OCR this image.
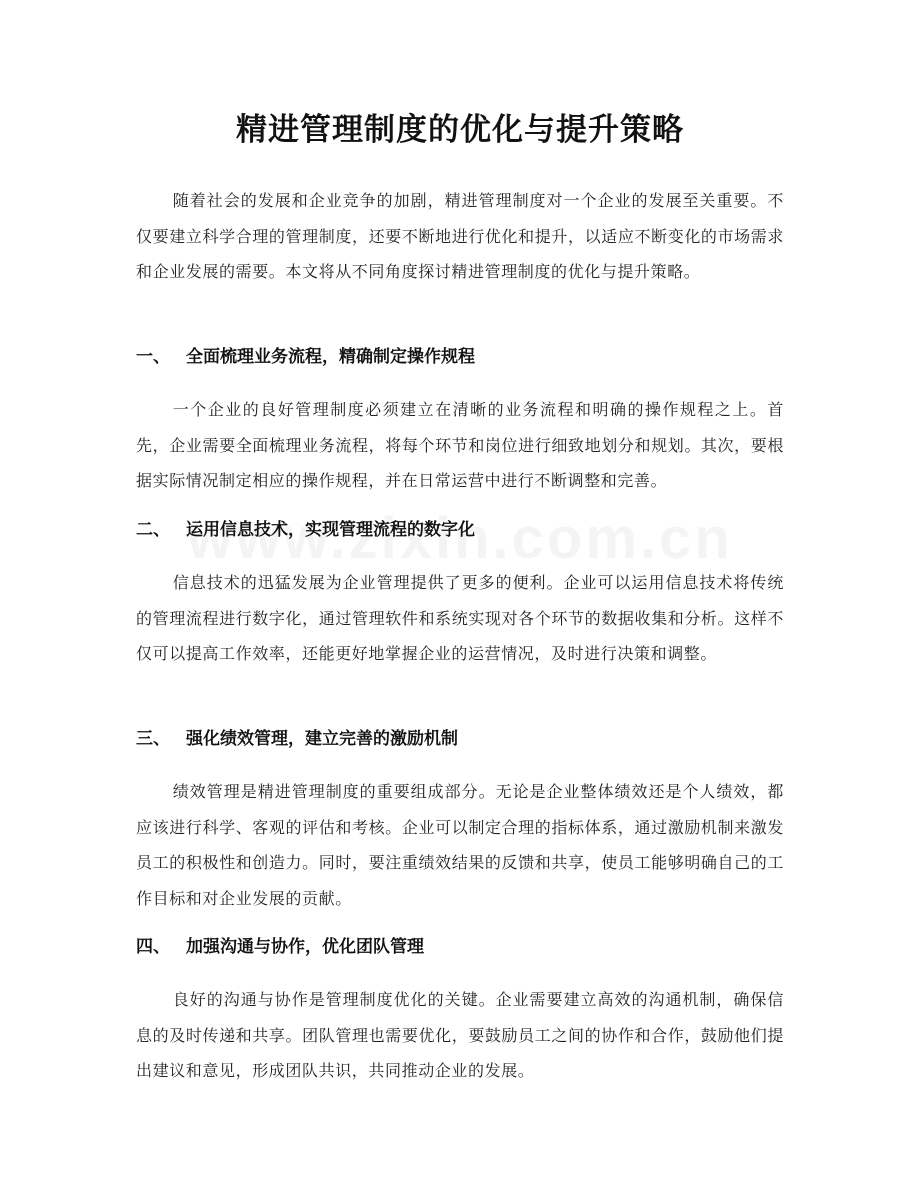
精进管理制度的优化与提升策略

随着社会的发展和企业竞争的加剧，精进管理制度对一个企业的发展至关重要。不仅要建立科学合理的管理制度，还要不断地进行优化和提升，以适应不断变化的市场需求和企业发展的需要。本文将从不同角度探讨精进管理制度的优化与提升策略。

一、 全面梳理业务流程，精确制定操作规程

一个企业的良好管理制度必须建立在清晰的业务流程和明确的操作规程之上。首先，企业需要全面梳理业务流程，将每个环节和岗位进行细致地划分和规划。其次，要根据实际情况制定相应的操作规程，并在日常运营中进行不断调整和完善。

二、 运用信息技术，实现管理流程的数字化

信息技术的迅猛发展为企业管理提供了更多的便利。企业可以运用信息技术将传统的管理流程进行数字化，通过管理软件和系统实现对各个环节的数据收集和分析。这样不仅可以提高工作效率，还能更好地掌握企业的运营情况，及时进行决策和调整。

三、 强化绩效管理，建立完善的激励机制

绩效管理是精进管理制度的重要组成部分。无论是企业整体绩效还是个人绩效，都应该进行科学、客观的评估和考核。企业可以制定合理的指标体系，通过激励机制来激发员工的积极性和创造力。同时，要注重绩效结果的反馈和共享，使员工能够明确自己的工作目标和对企业发展的贡献。

四、 加强沟通与协作，优化团队管理

良好的沟通与协作是管理制度优化的关键。企业需要建立高效的沟通机制，确保信息的及时传递和共享。团队管理也需要优化，要鼓励员工之间的协作和合作，鼓励他们提出建议和意见，形成团队共识，共同推动企业的发展。
